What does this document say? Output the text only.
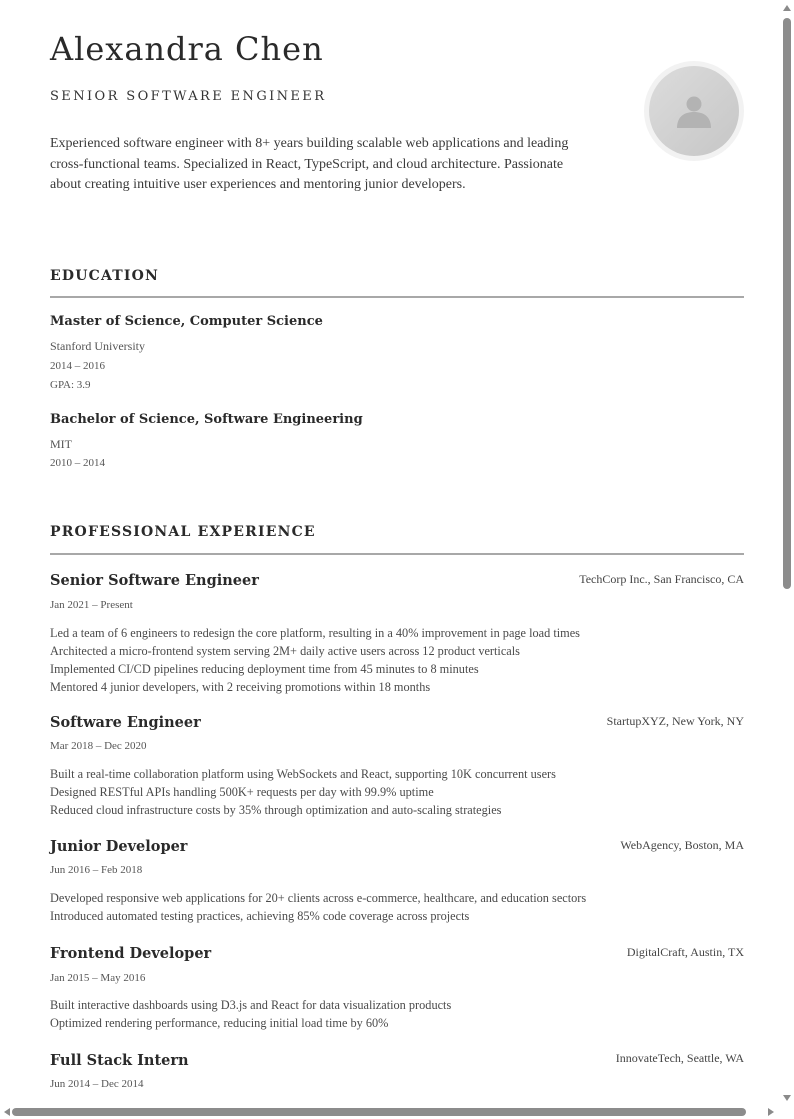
Alexandra Chen
SENIOR SOFTWARE ENGINEER
Experienced software engineer with 8+ years building scalable web applications and leading cross-functional teams. Specialized in React, TypeScript, and cloud architecture. Passionate about creating intuitive user experiences and mentoring junior developers.
EDUCATION
Master of Science, Computer Science
Stanford University
2014 – 2016
GPA: 3.9
Bachelor of Science, Software Engineering
MIT
2010 – 2014
PROFESSIONAL EXPERIENCE
Senior Software Engineer	TechCorp Inc., San Francisco, CA
Jan 2021 – Present
Led a team of 6 engineers to redesign the core platform, resulting in a 40% improvement in page load times
Architected a micro-frontend system serving 2M+ daily active users across 12 product verticals
Implemented CI/CD pipelines reducing deployment time from 45 minutes to 8 minutes
Mentored 4 junior developers, with 2 receiving promotions within 18 months
Software Engineer	StartupXYZ, New York, NY
Mar 2018 – Dec 2020
Built a real-time collaboration platform using WebSockets and React, supporting 10K concurrent users
Designed RESTful APIs handling 500K+ requests per day with 99.9% uptime
Reduced cloud infrastructure costs by 35% through optimization and auto-scaling strategies
Junior Developer	WebAgency, Boston, MA
Jun 2016 – Feb 2018
Developed responsive web applications for 20+ clients across e-commerce, healthcare, and education sectors
Introduced automated testing practices, achieving 85% code coverage across projects
Frontend Developer	DigitalCraft, Austin, TX
Jan 2015 – May 2016
Built interactive dashboards using D3.js and React for data visualization products
Optimized rendering performance, reducing initial load time by 60%
Full Stack Intern	InnovateTech, Seattle, WA
Jun 2014 – Dec 2014
